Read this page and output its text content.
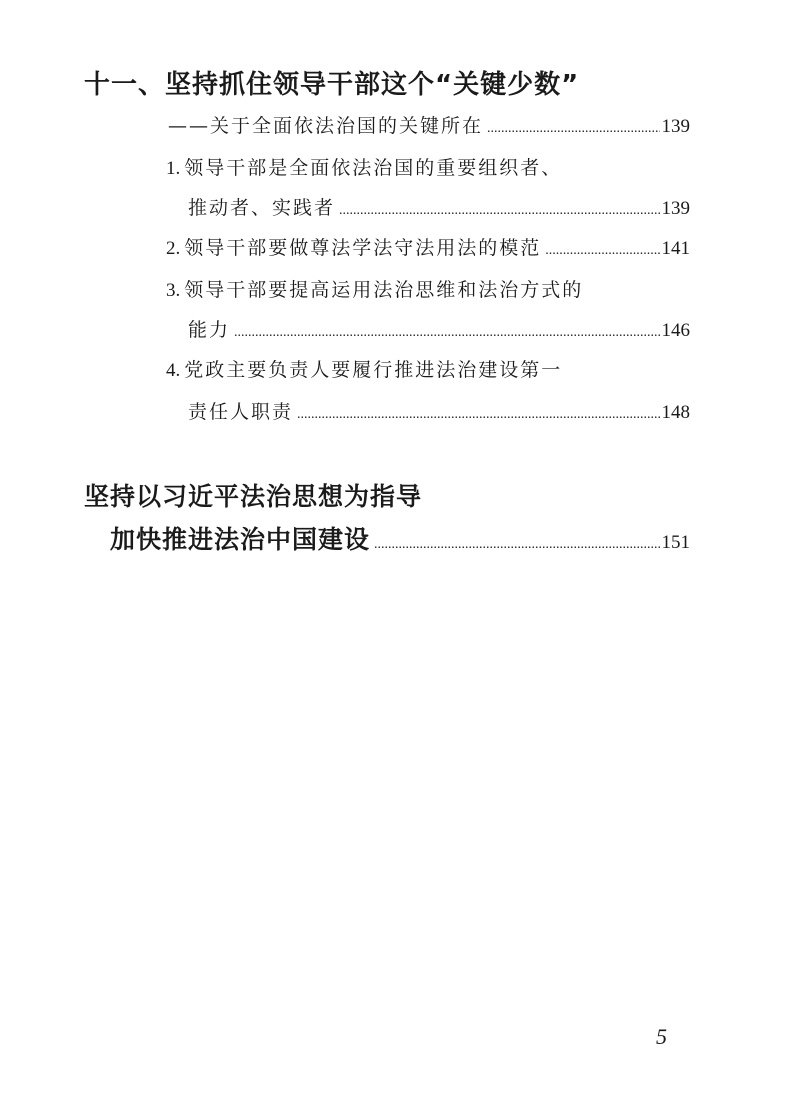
十一、坚持抓住领导干部这个“关键少数”
——关于全面依法治国的关键所在 .....	139
1. 领导干部是全面依法治国的重要组织者、
推动者、实践者 .....	139
2. 领导干部要做尊法学法守法用法的模范 .....	141
3. 领导干部要提高运用法治思维和法治方式的
能力 .....	146
4. 党政主要负责人要履行推进法治建设第一
责任人职责 .....	148
坚持以习近平法治思想为指导
加快推进法治中国建设 .....	151
5
